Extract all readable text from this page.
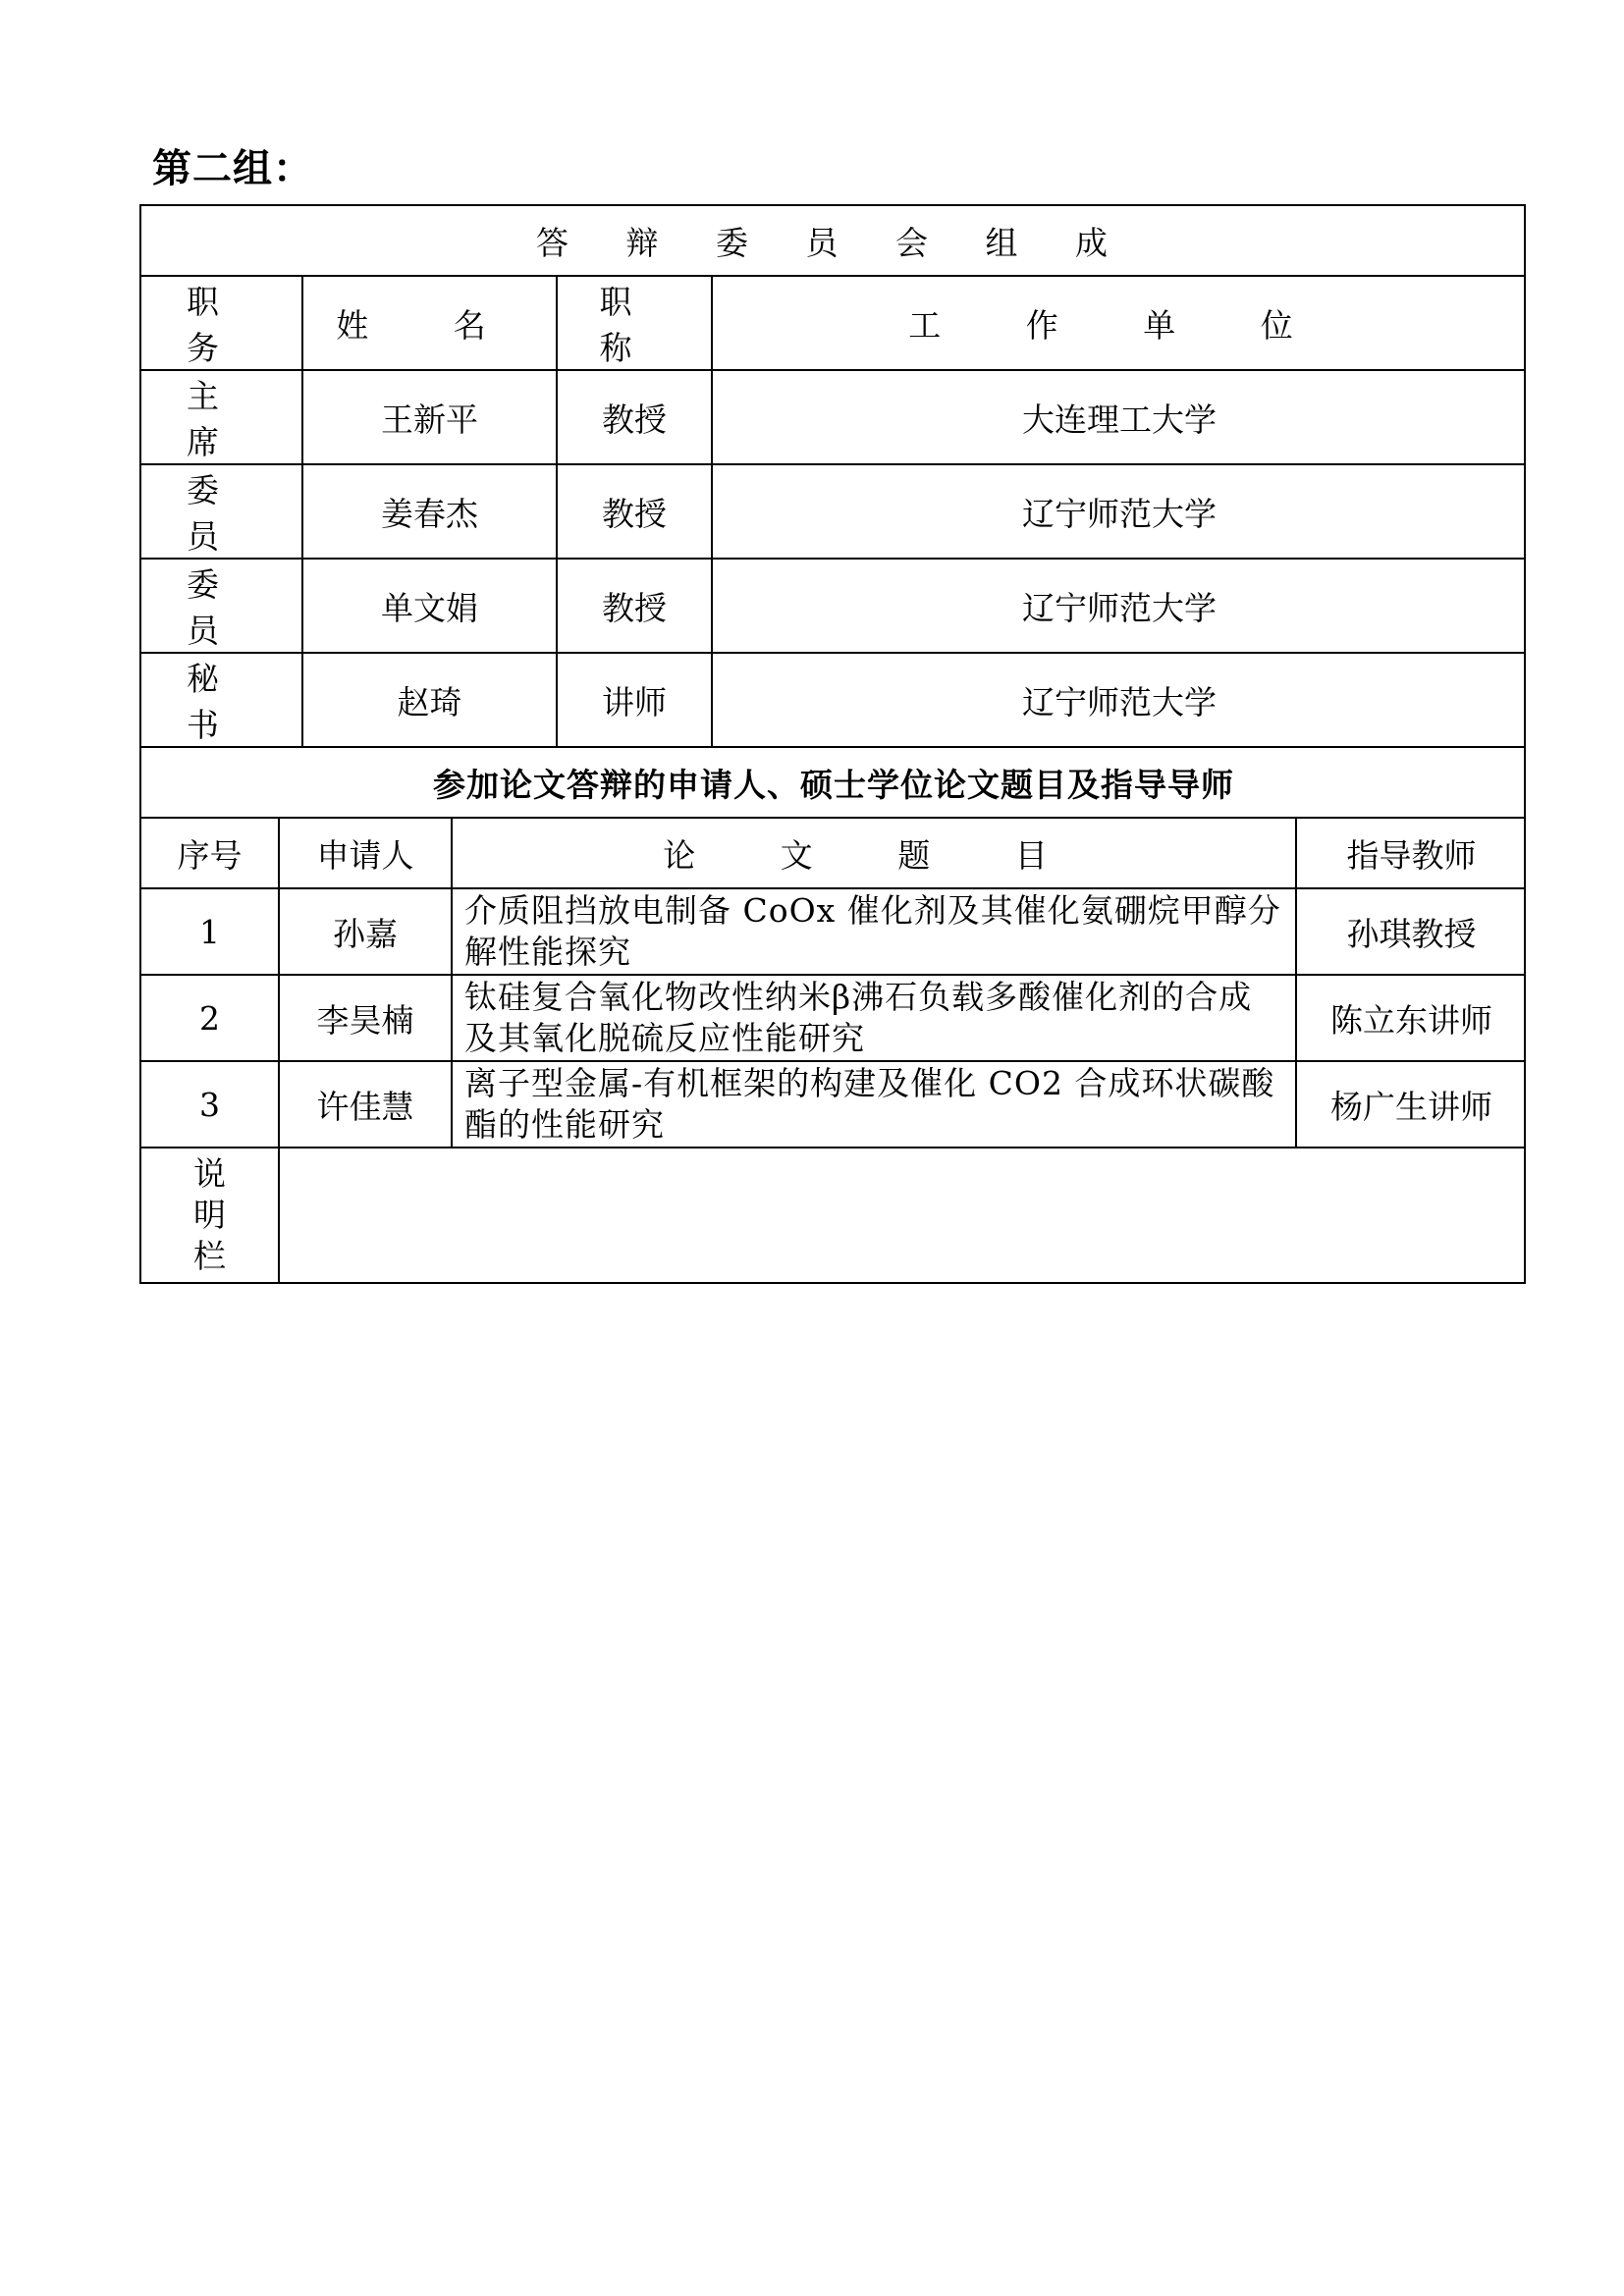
第二组：
答 辩 委 员 会 组 成			
职 务	姓 名	职 称	工 作 单 位
主 席	王新平	教授	大连理工大学
委 员	姜春杰	教授	辽宁师范大学
委 员	单文娟	教授	辽宁师范大学
秘 书	赵琦	讲师	辽宁师范大学
参加论文答辩的申请人、硕士学位论文题目及指导导师			
序号	申请人	论 文 题 目	指导教师
1	孙嘉	介质阻挡放电制备 CoOx 催化剂及其催化氨硼烷甲醇分解性能探究	孙琪教授
2	李昊楠	钛硅复合氧化物改性纳米β沸石负载多酸催化剂的合成及其氧化脱硫反应性能研究	陈立东讲师
3	许佳慧	离子型金属-有机框架的构建及催化 CO2 合成环状碳酸酯的性能研究	杨广生讲师
说明栏			
